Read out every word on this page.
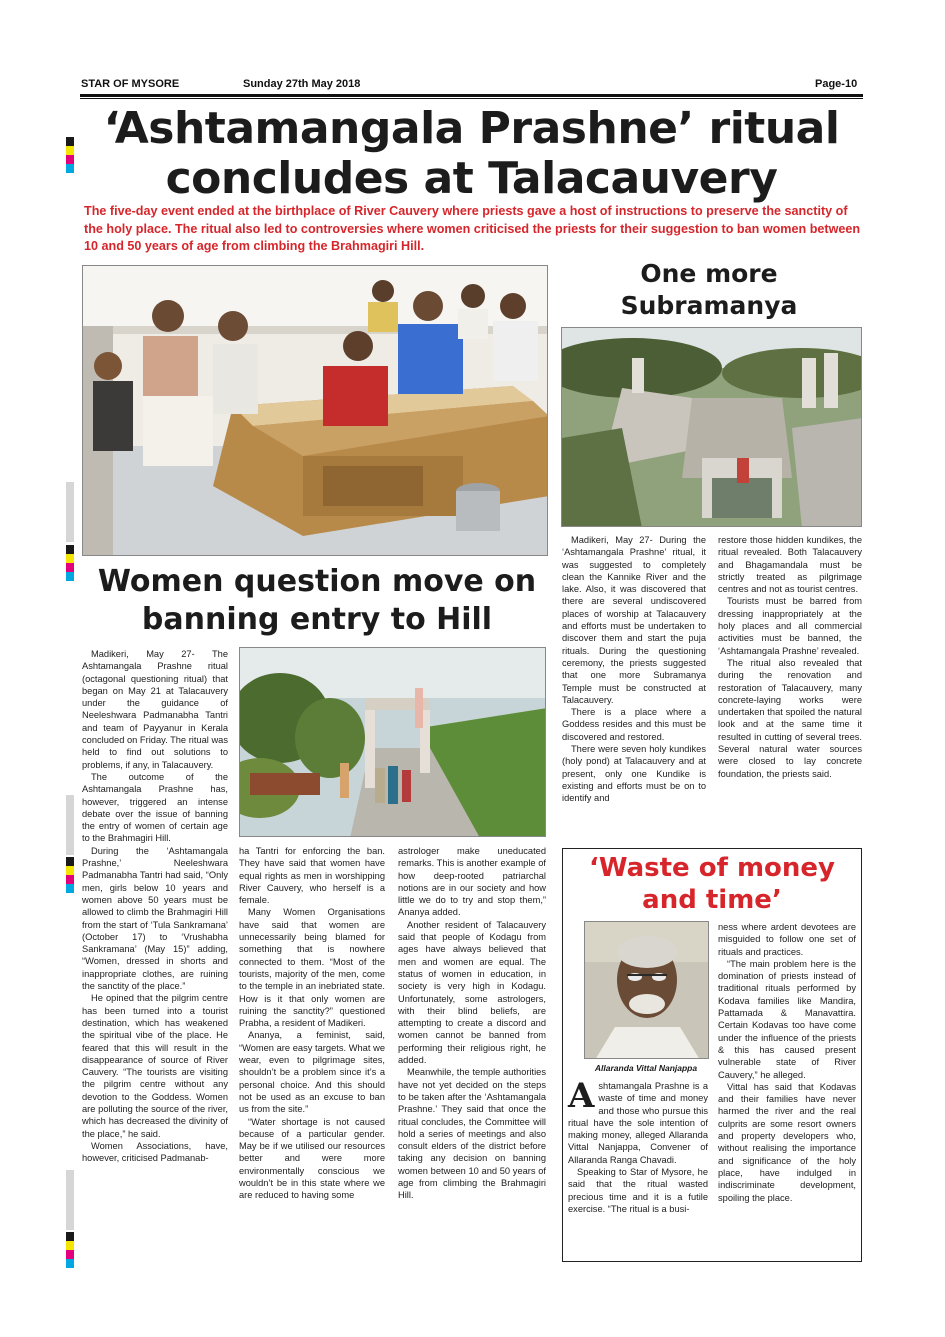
STAR OF MYSORE	Sunday 27th May 2018	Page-10
‘Ashtamangala Prashne’ ritual
concludes at Talacauvery
The five-day event ended at the birthplace of River Cauvery where priests gave a host of instructions to preserve the sanctity of the holy place. The ritual also led to controversies where women criticised the priests for their suggestion to ban women between 10 and 50 years of age from climbing the Brahmagiri Hill.
One more Subramanya

Madikeri, May 27- During the ‘Ashtamangala Prashne’ ritual, it was suggested to completely clean the Kannike River and the lake. Also, it was discovered that there are several undiscovered places of worship at Talacauvery and efforts must be undertaken to discover them and start the puja rituals. During the questioning ceremony, the priests suggested that one more Subramanya Temple must be constructed at Talacauvery.

There is a place where a Goddess resides and this must be discovered and restored.

There were seven holy kundikes (holy pond) at Talacauvery and at present, only one Kundike is existing and efforts must be on to identify and

restore those hidden kundikes, the ritual revealed. Both Talacauvery and Bhagamandala must be strictly treated as pilgrimage centres and not as tourist centres.

Tourists must be barred from dressing inappropriately at the holy places and all commercial activities must be banned, the ‘Ashtamangala Prashne’ revealed.

The ritual also revealed that during the renovation and restoration of Talacauvery, many concrete-laying works were undertaken that spoiled the natural look and at the same time it resulted in cutting of several trees. Several natural water sources were closed to lay concrete foundation, the priests said.

Women question move on
banning entry to Hill

Madikeri, May 27- The Ashtamangala Prashne ritual (octagonal questioning ritual) that began on May 21 at Talacauvery under the guidance of Neeleshwara Padmanabha Tantri and team of Payyanur in Kerala concluded on Friday. The ritual was held to find out solutions to problems, if any, in Talacauvery.

The outcome of the Ashtamangala Prashne has, however, triggered an intense debate over the issue of banning the entry of women of certain age to the Brahmagiri Hill.

During the ‘Ashtamangala Prashne,’ Neeleshwara Padmanabha Tantri had said, “Only men, girls below 10 years and women above 50 years must be allowed to climb the Brahmagiri Hill from the start of ‘Tula Sankramana’ (October 17) to ‘Vrushabha Sankramana’ (May 15)” adding, “Women, dressed in shorts and inappropriate clothes, are ruining the sanctity of the place.”

He opined that the pilgrim centre has been turned into a tourist destination, which has weakened the spiritual vibe of the place. He feared that this will result in the disappearance of source of River Cauvery. “The tourists are visiting the pilgrim centre without any devotion to the Goddess. Women are polluting the source of the river, which has decreased the divinity of the place,” he said.

Women Associations, have, however, criticised Padmanab-

ha Tantri for enforcing the ban. They have said that women have equal rights as men in worshipping River Cauvery, who herself is a female.

Many Women Organisations have said that women are unnecessarily being blamed for something that is nowhere connected to them. “Most of the tourists, majority of the men, come to the temple in an inebriated state. How is it that only women are ruining the sanctity?” questioned Prabha, a resident of Madikeri.

Ananya, a feminist, said, “Women are easy targets. What we wear, even to pilgrimage sites, shouldn’t be a problem since it’s a personal choice. And this should not be used as an excuse to ban us from the site.”

“Water shortage is not caused because of a particular gender. May be if we utilised our resources better and were more environmentally conscious we wouldn’t be in this state where we are reduced to having some

astrologer make uneducated remarks. This is another example of how deep-rooted patriarchal notions are in our society and how little we do to try and stop them,” Ananya added.

Another resident of Talacauvery said that people of Kodagu from ages have always believed that men and women are equal. The status of women in education, in society is very high in Kodagu. Unfortunately, some astrologers, with their blind beliefs, are attempting to create a discord and women cannot be banned from performing their religious right, he added.

Meanwhile, the temple authorities have not yet decided on the steps to be taken after the ‘Ashtamangala Prashne.’ They said that once the ritual concludes, the Committee will hold a series of meetings and also consult elders of the district before taking any decision on banning women between 10 and 50 years of age from climbing the Brahmagiri Hill.

‘Waste of money
and time’
Allaranda Vittal Nanjappa

Ashtamangala Prashne is a waste of time and money and those who pursue this ritual have the sole intention of making money, alleged Allaranda Vittal Nanjappa, Convener of Allaranda Ranga Chavadi.

Speaking to Star of Mysore, he said that the ritual wasted precious time and it is a futile exercise. “The ritual is a busi-

ness where ardent devotees are misguided to follow one set of rituals and practices.

“The main problem here is the domination of priests instead of traditional rituals performed by Kodava families like Mandira, Pattamada & Manavattira. Certain Kodavas too have come under the influence of the priests & this has caused present vulnerable state of River Cauvery,” he alleged.

Vittal has said that Kodavas and their families have never harmed the river and the real culprits are some resort owners and property developers who, without realising the importance and significance of the holy place, have indulged in indiscriminate development, spoiling the place.
